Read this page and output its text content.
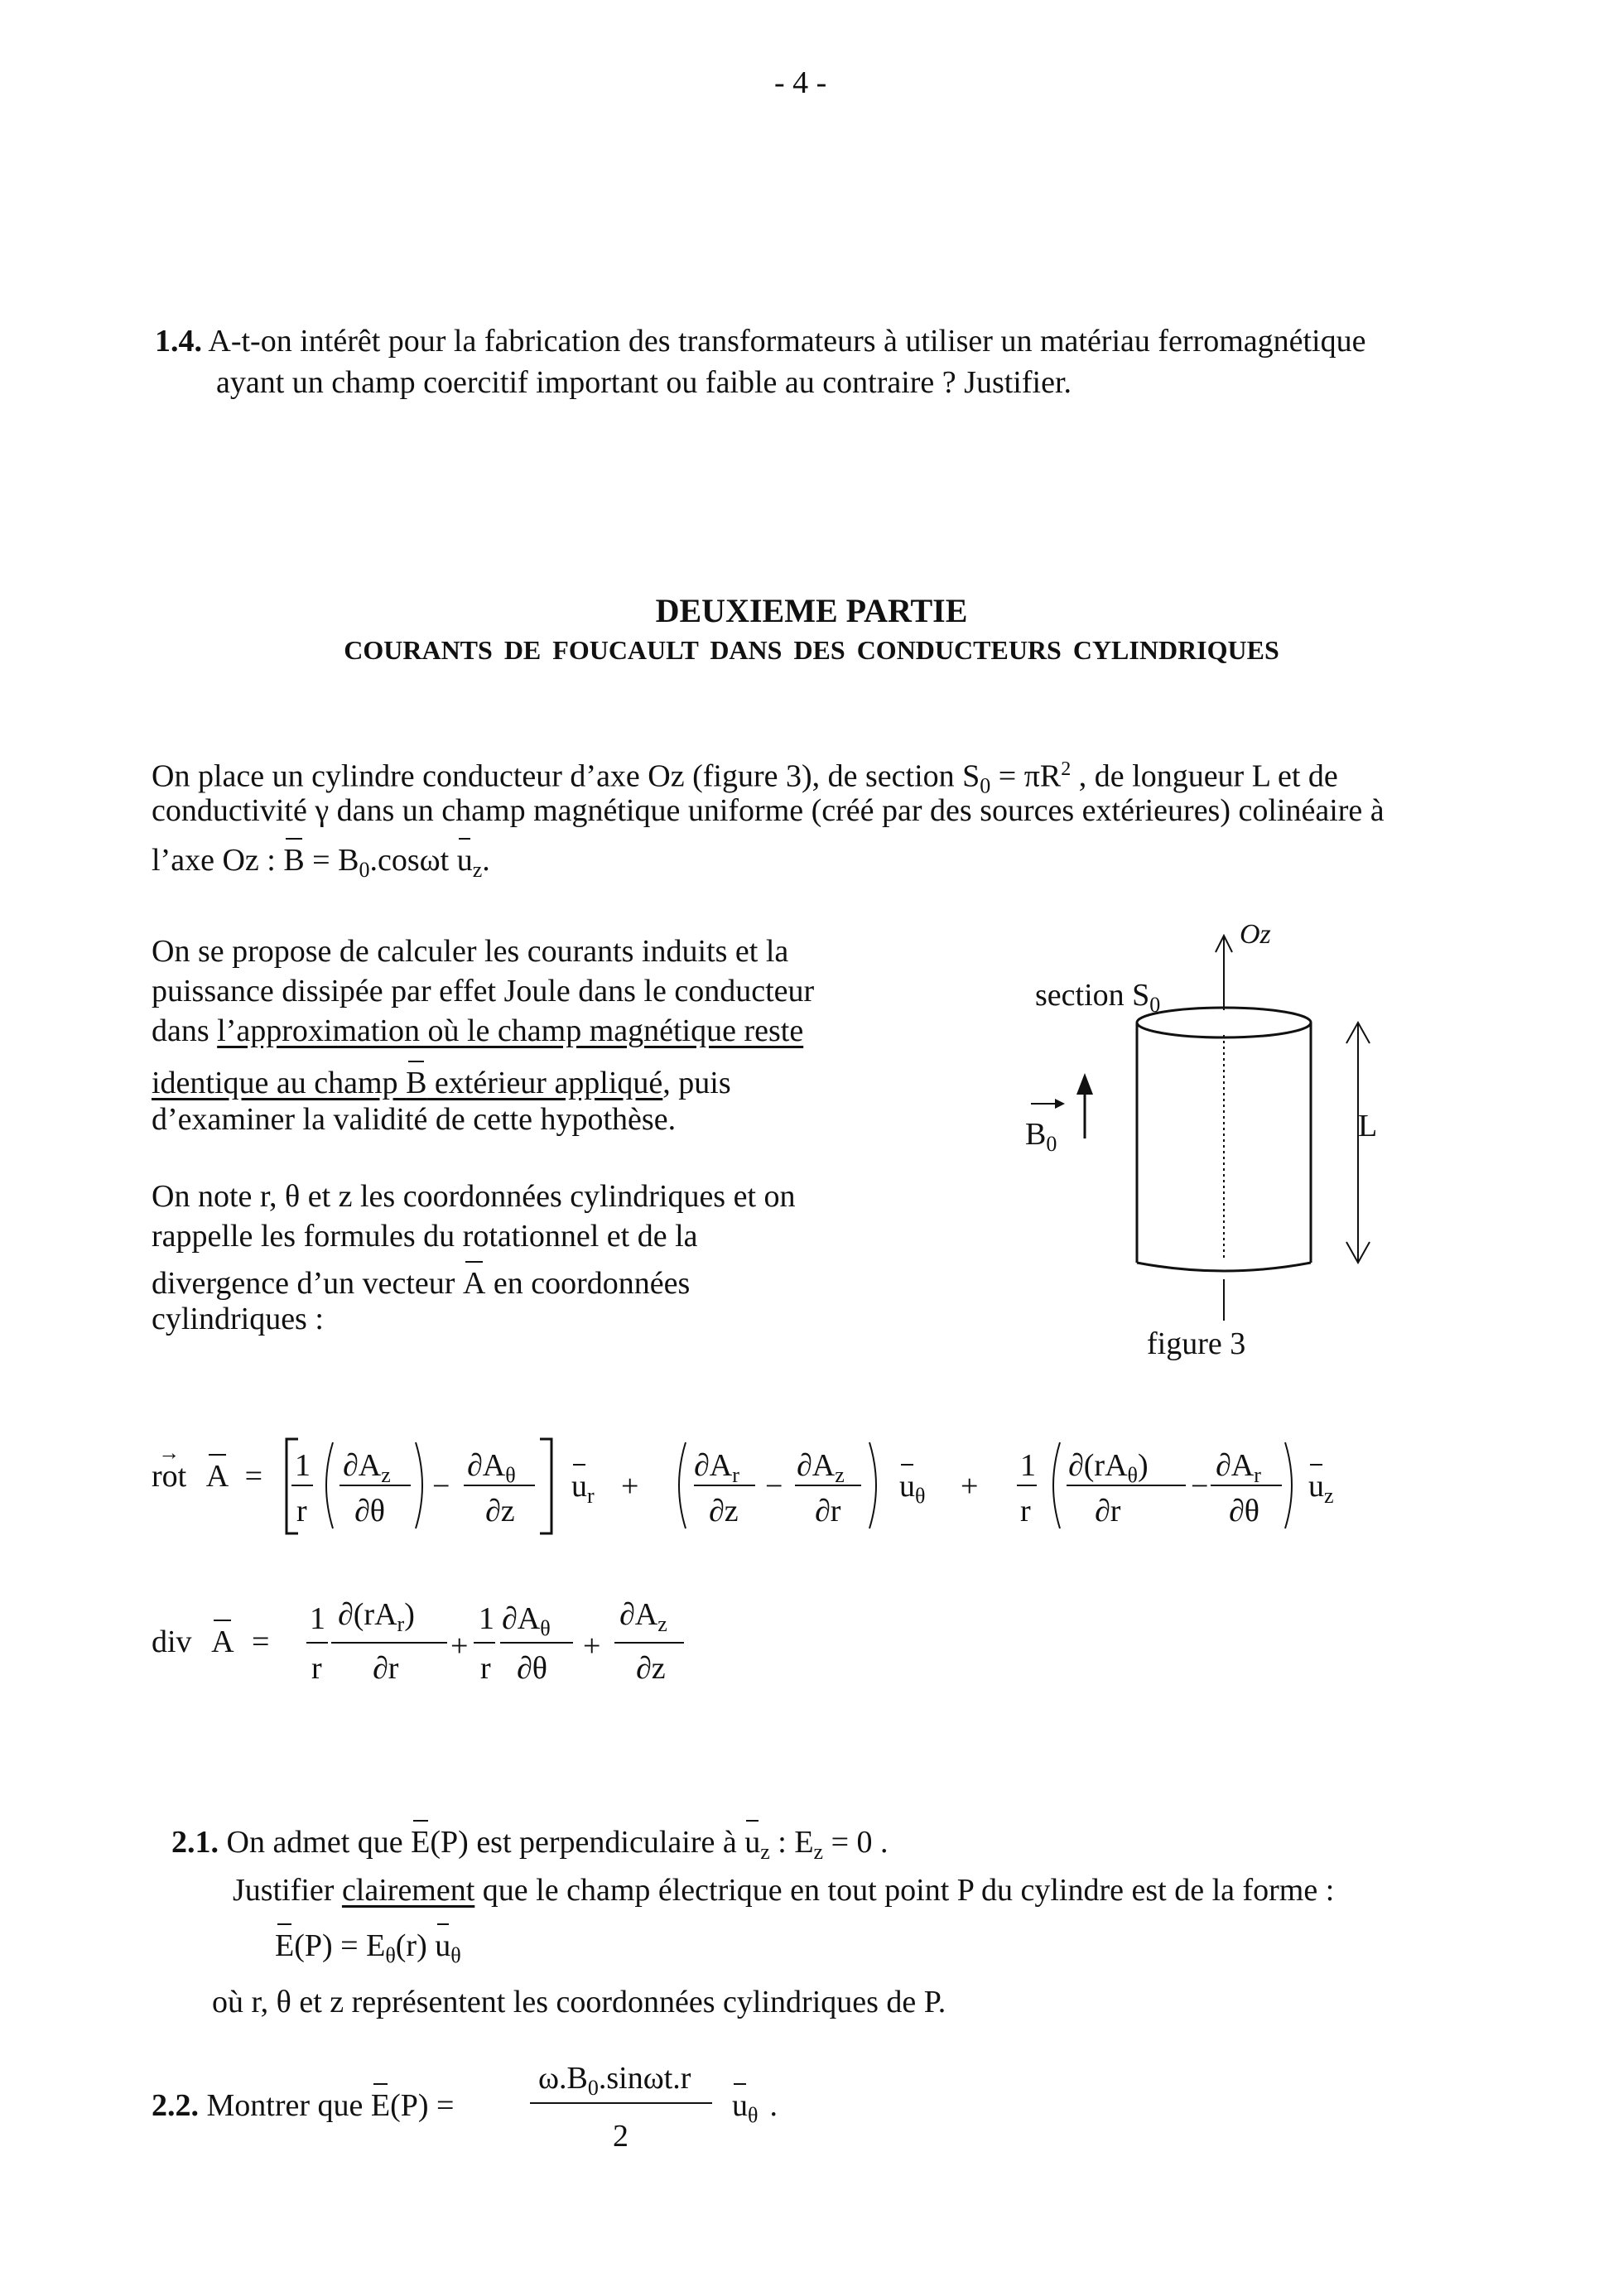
- 4 -
1.4. A-t-on intérêt pour la fabrication des transformateurs à utiliser un matériau ferromagnétique
ayant un champ coercitif important ou faible au contraire ? Justifier.
DEUXIEME PARTIE
COURANTS DE FOUCAULT DANS DES CONDUCTEURS CYLINDRIQUES
On place un cylindre conducteur d’axe Oz (figure 3), de section $S_0 = \pi R^2$ , de longueur L et de
conductivité γ dans un champ magnétique uniforme (créé par des sources extérieures) colinéaire à
l’axe Oz : $B = B_0.\cos\omega t$ $u_z$.
On se propose de calculer les courants induits et la
puissance dissipée par effet Joule dans le conducteur
dans l’approximation où le champ magnétique reste
identique au champ B extérieur appliqué, puis
d’examiner la validité de cette hypothèse.
On note r, θ et z les coordonnées cylindriques et on
rappelle les formules du rotationnel et de la
divergence d’un vecteur A en coordonnées
cylindriques :
Oz
section $S_0$
$B_0$
L
figure 3
→ rot A = 1
r
$\partial A_z$
∂θ
−
$\partial A_\theta$
∂z
$u_r$ +
$\partial A_r$
∂z
−
$\partial A_z$
∂r
$u_\theta$ +
1
r
$\partial(rA_\theta)$
∂r
−
$\partial A_r$
∂θ
$u_z$
div A =
1
r
$\partial(rA_r)$
∂r
+
1
r
$\partial A_\theta$
∂θ
+
$\partial A_z$
∂z
2.1. On admet que E(P) est perpendiculaire à $u_z$ : $E_z = 0$ .
Justifier clairement que le champ électrique en tout point P du cylindre est de la forme :
$E(P) = E_\theta(r)$ $u_\theta$
où r, θ et z représentent les coordonnées cylindriques de P.
2.2. Montrer que E(P) =
$\omega.B_0.\sin\omega t.r$
2
$u_\theta$ .
